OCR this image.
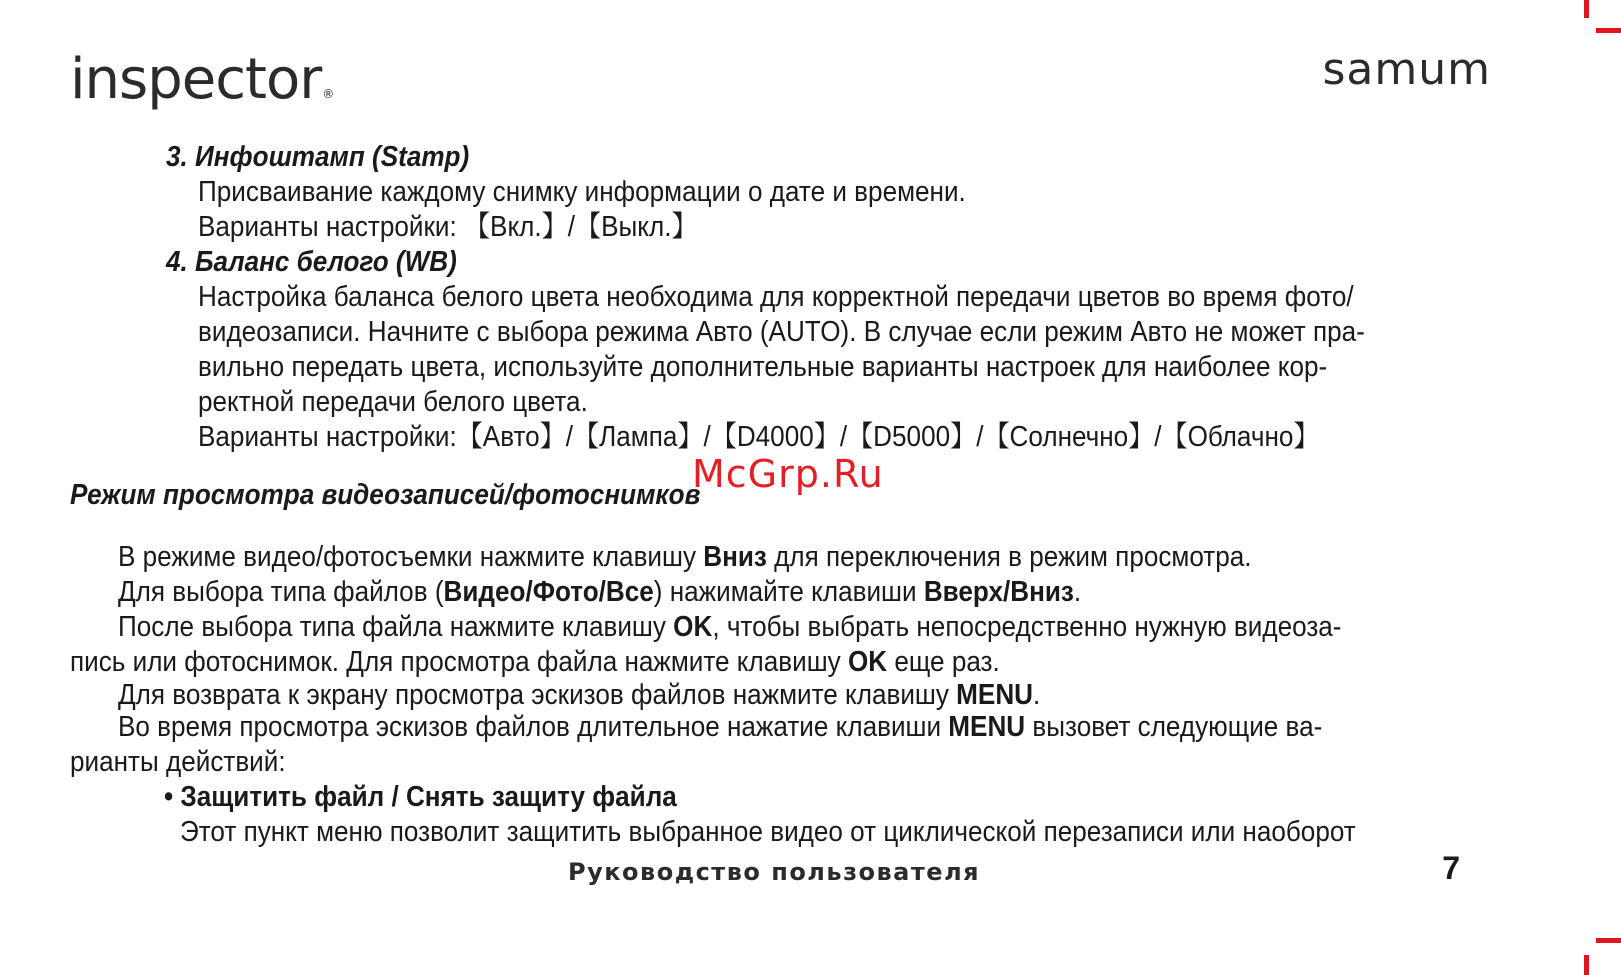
inspector®	samum
3. Инфоштамп (Stamp)
Присваивание каждому снимку информации о дате и времени.
Варианты настройки: 【Вкл.】/【Выкл.】
4. Баланс белого (WB)
Настройка баланса белого цвета необходима для корректной передачи цветов во время фото/
видеозаписи. Начните с выбора режима Авто (AUTO). В случае если режим Авто не может пра-
вильно передать цвета, используйте дополнительные варианты настроек для наиболее кор-
ректной передачи белого цвета.
Варианты настройки:【Авто】/【Лампа】/【D4000】/【D5000】/【Солнечно】/【Облачно】
Режим просмотра видеозаписей/фотоснимков
В режиме видео/фотосъемки нажмите клавишу Вниз для переключения в режим просмотра.
Для выбора типа файлов (Видео/Фото/Все) нажимайте клавиши Вверх/Вниз.
После выбора типа файла нажмите клавишу OK, чтобы выбрать непосредственно нужную видеоза-
пись или фотоснимок. Для просмотра файла нажмите клавишу OK еще раз.
Для возврата к экрану просмотра эскизов файлов нажмите клавишу MENU.
Во время просмотра эскизов файлов длительное нажатие клавиши MENU вызовет следующие ва-
рианты действий:
• Защитить файл / Снять защиту файла
Этот пункт меню позволит защитить выбранное видео от циклической перезаписи или наоборот
McGrp.Ru
Руководство пользователя	7
